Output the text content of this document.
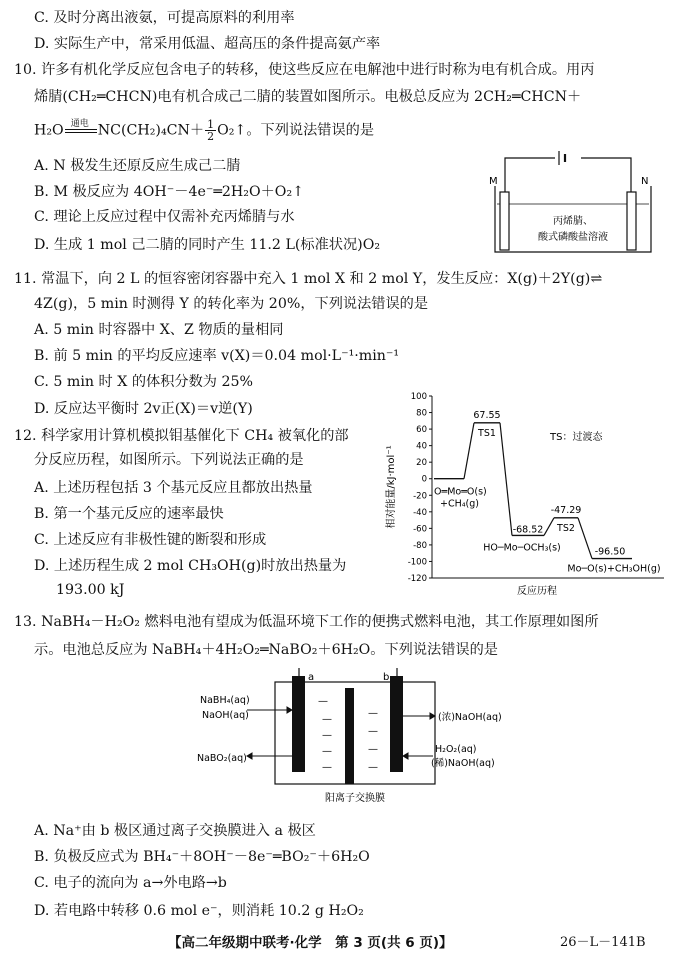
C. 及时分离出液氨，可提高原料的利用率
D. 实际生产中，常采用低温、超高压的条件提高氨产率
10. 许多有机化学反应包含电子的转移，使这些反应在电解池中进行时称为电有机合成。用丙
烯腈(CH₂═CHCN)电有机合成己二腈的装置如图所示。电极总反应为 2CH₂═CHCN＋
H₂O 通电 $NC(CH_2)_4CN+ \frac{1}{2}$ O₂↑。下列说法错误的是
A. N 极发生还原反应生成己二腈
B. M 极反应为 4OH⁻－4e⁻═2H₂O＋O₂↑
C. 理论上反应过程中仅需补充丙烯腈与水
D. 生成 1 mol 己二腈的同时产生 11.2 L(标准状况)O₂
M	N
丙烯腈、
酸式磷酸盐溶液
11. 常温下，向 2 L 的恒容密闭容器中充入 1 mol X 和 2 mol Y，发生反应：X(g)＋2Y(g)⇌
4Z(g)，5 min 时测得 Y 的转化率为 20%，下列说法错误的是
A. 5 min 时容器中 X、Z 物质的量相同
B. 前 5 min 的平均反应速率 v(X)＝0.04 mol·L⁻¹·min⁻¹
C. 5 min 时 X 的体积分数为 25%
D. 反应达平衡时 2v正(X)＝v逆(Y)
12. 科学家用计算机模拟钼基催化下 CH₄ 被氧化的部
分反应历程，如图所示。下列说法正确的是
A. 上述历程包括 3 个基元反应且都放出热量
B. 第一个基元反应的速率最快
C. 上述反应有非极性键的断裂和形成
D. 上述历程生成 2 mol CH₃OH(g)时放出热量为
193.00 kJ
100
80
60
40
20
0
-20
-40
-60
-80
-100
-120
相对能量/kJ·mol⁻¹
反应历程
TS：过渡态
O═Mo═O(s)
+CH₄(g)
67.55
TS1
-68.52
HO─Mo─OCH₃(s)
-47.29
TS2
-96.50
Mo─O(s)+CH₃OH(g)
13. NaBH₄－H₂O₂ 燃料电池有望成为低温环境下工作的便携式燃料电池，其工作原理如图所
示。电池总反应为 NaBH₄＋4H₂O₂═NaBO₂＋6H₂O。下列说法错误的是
a	b
NaBH₄(aq)
NaOH(aq)
NaBO₂(aq)
(浓)NaOH(aq)
H₂O₂(aq)
(稀)NaOH(aq)
—
—
—
—
—
—
—
—
—
阳离子交换膜
A. Na⁺由 b 极区通过离子交换膜进入 a 极区
B. 负极反应式为 BH₄⁻＋8OH⁻－8e⁻═BO₂⁻＋6H₂O
C. 电子的流向为 a→外电路→b
D. 若电路中转移 0.6 mol e⁻，则消耗 10.2 g H₂O₂
【高二年级期中联考·化学　第 3 页(共 6 页)】	26－L－141B
